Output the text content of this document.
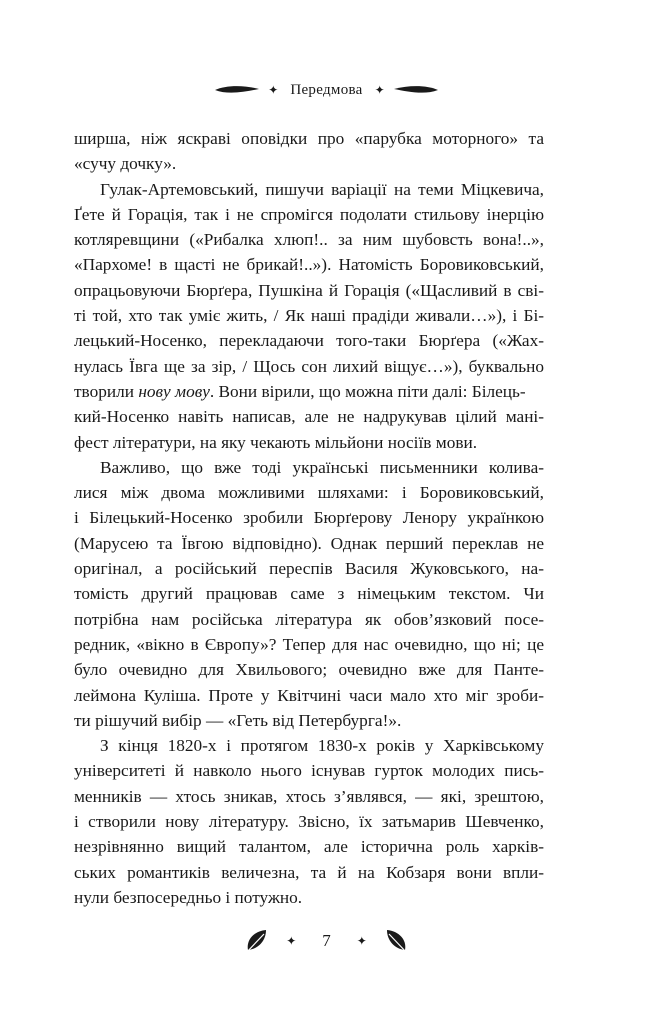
✦ Передмова	✦
ширша, ніж яскраві оповідки про «парубка моторного» та
«сучу дочку».
Гулак-Артемовський, пишучи варіації на теми Міцкевича,
Ґете й Горація, так і не спромігся подолати стильову інерцію
котляревщини («Рибалка хлюп!.. за ним шубовсть вона!..»,
«Пархоме! в щасті не брикай!..»). Натомість Боровиковський,
опрацьовуючи Бюрґера, Пушкіна й Горація («Щасливий в сві-
ті той, хто так уміє жить, / Як наші прадіди живали…»), і Бі-
лецький-Носенко, перекладаючи того-таки Бюрґера («Жах-
нулась Ївга ще за зір, / Щось сон лихий віщує…»), буквально
творили нову мову. Вони вірили, що можна піти далі: Білець-
кий-Носенко навіть написав, але не надрукував цілий мані-
фест літератури, на яку чекають мільйони носіїв мови.
Важливо, що вже тоді українські письменники колива-
лися між двома можливими шляхами: і Боровиковський,
і Білецький-Носенко зробили Бюрґерову Ленору українкою
(Марусею та Ївгою відповідно). Однак перший переклав не
оригінал, а російський переспів Василя Жуковського, на-
томість другий працював саме з німецьким текстом. Чи
потрібна нам російська література як обов’язковий посе-
редник, «вікно в Європу»? Тепер для нас очевидно, що ні; це
було очевидно для Хвильового; очевидно вже для Панте-
леймона Куліша. Проте у Квітчині часи мало хто міг зроби-
ти рішучий вибір — «Геть від Петербурга!».
З кінця 1820-х і протягом 1830-х років у Харківському
університеті й навколо нього існував гурток молодих пись-
менників — хтось зникав, хтось з’являвся, — які, зрештою,
і створили нову літературу. Звісно, їх затьмарив Шевченко,
незрівнянно вищий талантом, але історична роль харків-
ських романтиків величезна, та й на Кобзаря вони впли-
нули безпосередньо і потужно.
✦	7	✦
